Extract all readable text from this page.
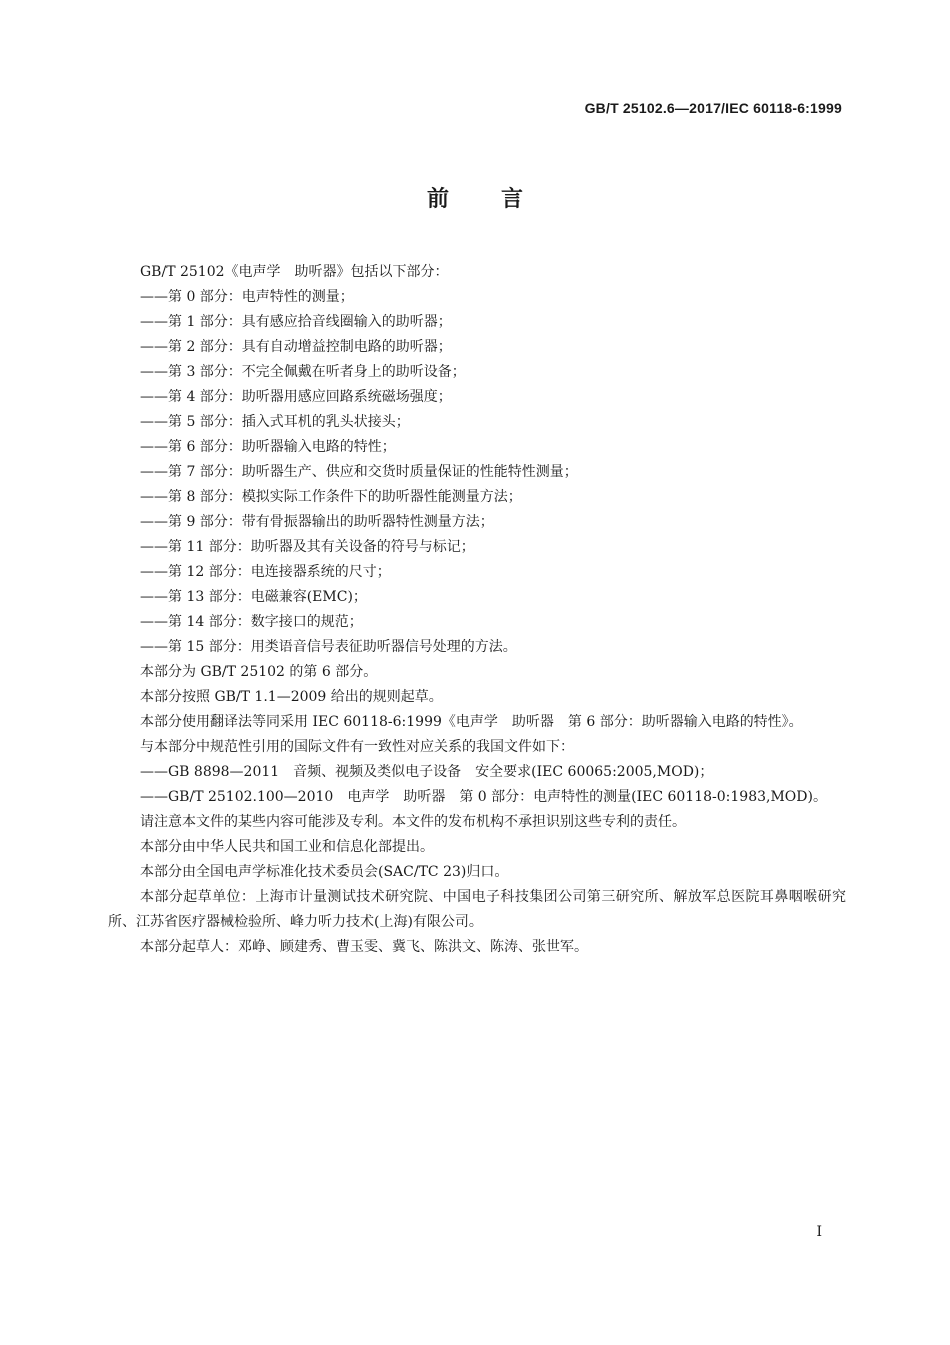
GB/T 25102.6—2017/IEC 60118-6:1999
前言

GB/T 25102《电声学　助听器》包括以下部分：

——第 0 部分：电声特性的测量；

——第 1 部分：具有感应拾音线圈输入的助听器；

——第 2 部分：具有自动增益控制电路的助听器；

——第 3 部分：不完全佩戴在听者身上的助听设备；

——第 4 部分：助听器用感应回路系统磁场强度；

——第 5 部分：插入式耳机的乳头状接头；

——第 6 部分：助听器输入电路的特性；

——第 7 部分：助听器生产、供应和交货时质量保证的性能特性测量；

——第 8 部分：模拟实际工作条件下的助听器性能测量方法；

——第 9 部分：带有骨振器输出的助听器特性测量方法；

——第 11 部分：助听器及其有关设备的符号与标记；

——第 12 部分：电连接器系统的尺寸；

——第 13 部分：电磁兼容(EMC)；

——第 14 部分：数字接口的规范；

——第 15 部分：用类语音信号表征助听器信号处理的方法。

本部分为 GB/T 25102 的第 6 部分。

本部分按照 GB/T 1.1—2009 给出的规则起草。

本部分使用翻译法等同采用 IEC 60118-6:1999《电声学　助听器　第 6 部分：助听器输入电路的特性》。

与本部分中规范性引用的国际文件有一致性对应关系的我国文件如下：

——GB 8898—2011　音频、视频及类似电子设备　安全要求(IEC 60065:2005,MOD)；

——GB/T 25102.100—2010　电声学　助听器　第 0 部分：电声特性的测量(IEC 60118-0:1983,MOD)。

请注意本文件的某些内容可能涉及专利。本文件的发布机构不承担识别这些专利的责任。

本部分由中华人民共和国工业和信息化部提出。

本部分由全国电声学标准化技术委员会(SAC/TC 23)归口。

本部分起草单位：上海市计量测试技术研究院、中国电子科技集团公司第三研究所、解放军总医院耳鼻咽喉研究所、江苏省医疗器械检验所、峰力听力技术(上海)有限公司。

本部分起草人：邓峥、顾建秀、曹玉雯、冀飞、陈洪文、陈涛、张世军。

I
